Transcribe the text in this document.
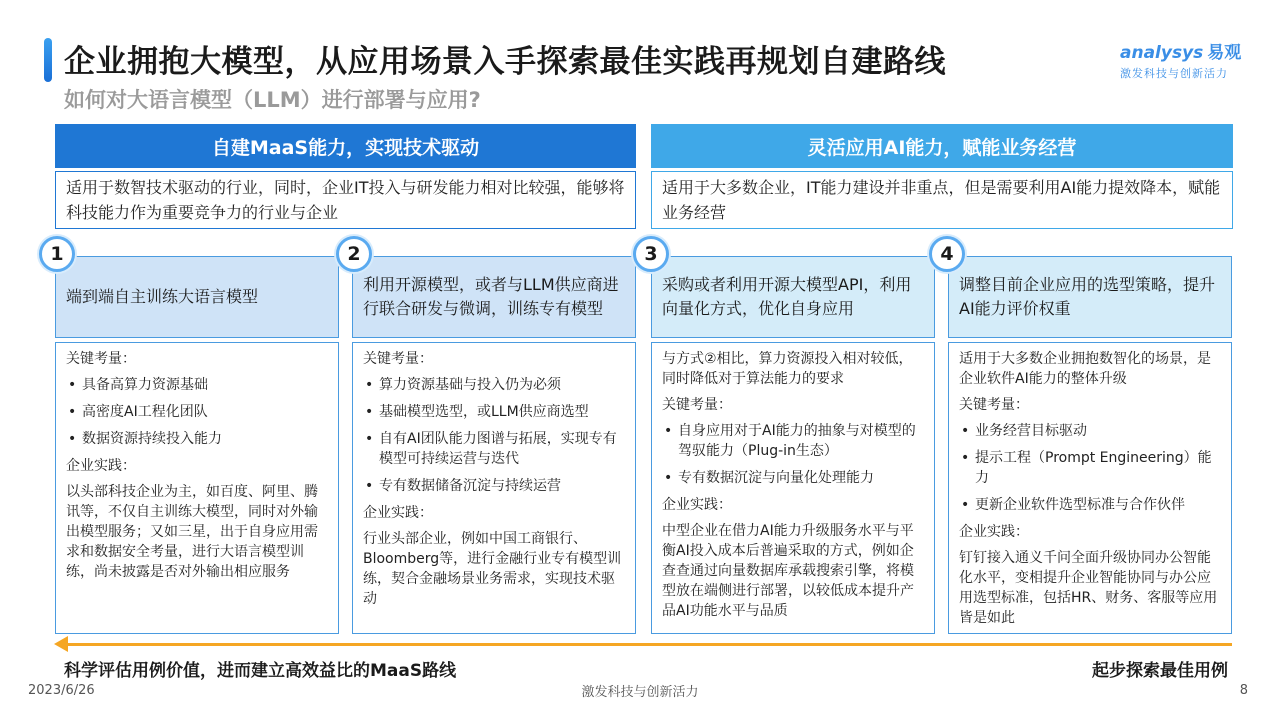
企业拥抱大模型，从应用场景入手探索最佳实践再规划自建路线
如何对大语言模型（LLM）进行部署与应用?
analysys 易观
激发科技与创新活力
自建MaaS能力，实现技术驱动
适用于数智技术驱动的行业，同时，企业IT投入与研发能力相对比较强，能够将科技能力作为重要竞争力的行业与企业
灵活应用AI能力，赋能业务经营
适用于大多数企业，IT能力建设并非重点，但是需要利用AI能力提效降本，赋能业务经营
1
端到端自主训练大语言模型
关键考量：
• 具备高算力资源基础
• 高密度AI工程化团队
• 数据资源持续投入能力
企业实践：
以头部科技企业为主，如百度、阿里、腾讯等，不仅自主训练大模型，同时对外输出模型服务；又如三星，出于自身应用需求和数据安全考量，进行大语言模型训练，尚未披露是否对外输出相应服务
2
利用开源模型，或者与LLM供应商进行联合研发与微调，训练专有模型
关键考量：
• 算力资源基础与投入仍为必须
• 基础模型选型，或LLM供应商选型
• 自有AI团队能力图谱与拓展，实现专有模型可持续运营与迭代
• 专有数据储备沉淀与持续运营
企业实践：
行业头部企业，例如中国工商银行、Bloomberg等，进行金融行业专有模型训练，契合金融场景业务需求，实现技术驱动
3
采购或者利用开源大模型API，利用向量化方式，优化自身应用
与方式②相比，算力资源投入相对较低，同时降低对于算法能力的要求
关键考量：
• 自身应用对于AI能力的抽象与对模型的驾驭能力（Plug-in生态）
• 专有数据沉淀与向量化处理能力
企业实践：
中型企业在借力AI能力升级服务水平与平衡AI投入成本后普遍采取的方式，例如企查查通过向量数据库承载搜索引擎，将模型放在端侧进行部署，以较低成本提升产品AI功能水平与品质
4
调整目前企业应用的选型策略，提升AI能力评价权重
适用于大多数企业拥抱数智化的场景，是企业软件AI能力的整体升级
关键考量：
• 业务经营目标驱动
• 提示工程（Prompt Engineering）能力
• 更新企业软件选型标准与合作伙伴
企业实践：
钉钉接入通义千问全面升级协同办公智能化水平，变相提升企业智能协同与办公应用选型标准，包括HR、财务、客服等应用皆是如此
科学评估用例价值，进而建立高效益比的MaaS路线	起步探索最佳用例
2023/6/26	激发科技与创新活力	8
